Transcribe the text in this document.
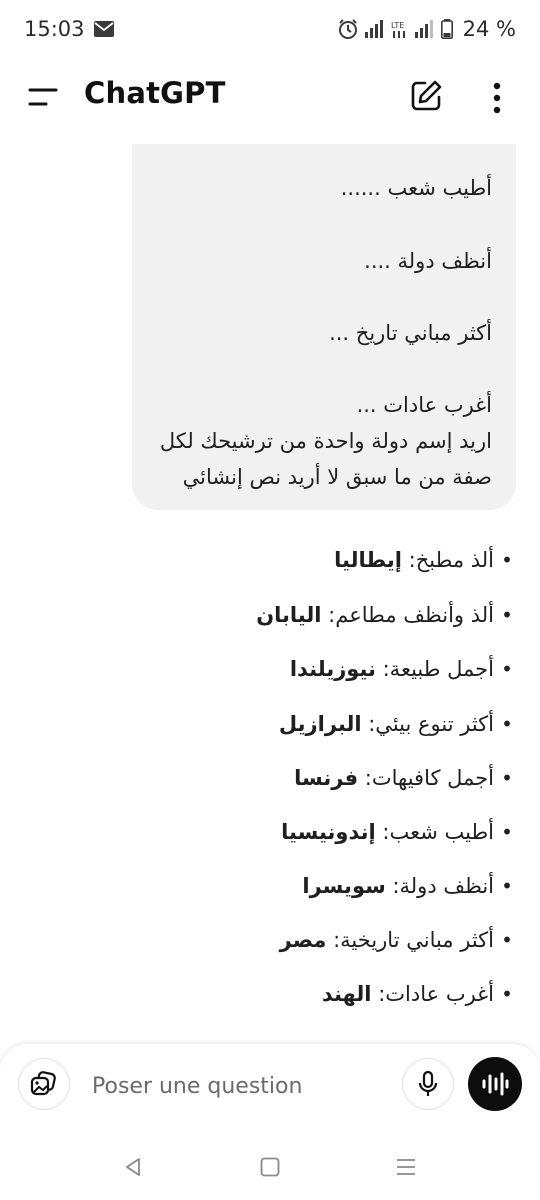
15:03	LTE	24 %
ChatGPT
أطيب شعب ......
أنظف دولة ....
أكثر مباني تاريخ ...
أغرب عادات ...
اريد إسم دولة واحدة من ترشيحك لكل
صفة من ما سبق لا أريد نص إنشائي
•ألذ مطبخ: إيطاليا
•ألذ وأنظف مطاعم: اليابان
•أجمل طبيعة: نيوزيلندا
•أكثر تنوع بيئي: البرازيل
•أجمل كافيهات: فرنسا
•أطيب شعب: إندونيسيا
•أنظف دولة: سويسرا
•أكثر مباني تاريخية: مصر
•أغرب عادات: الهند
Poser une question
